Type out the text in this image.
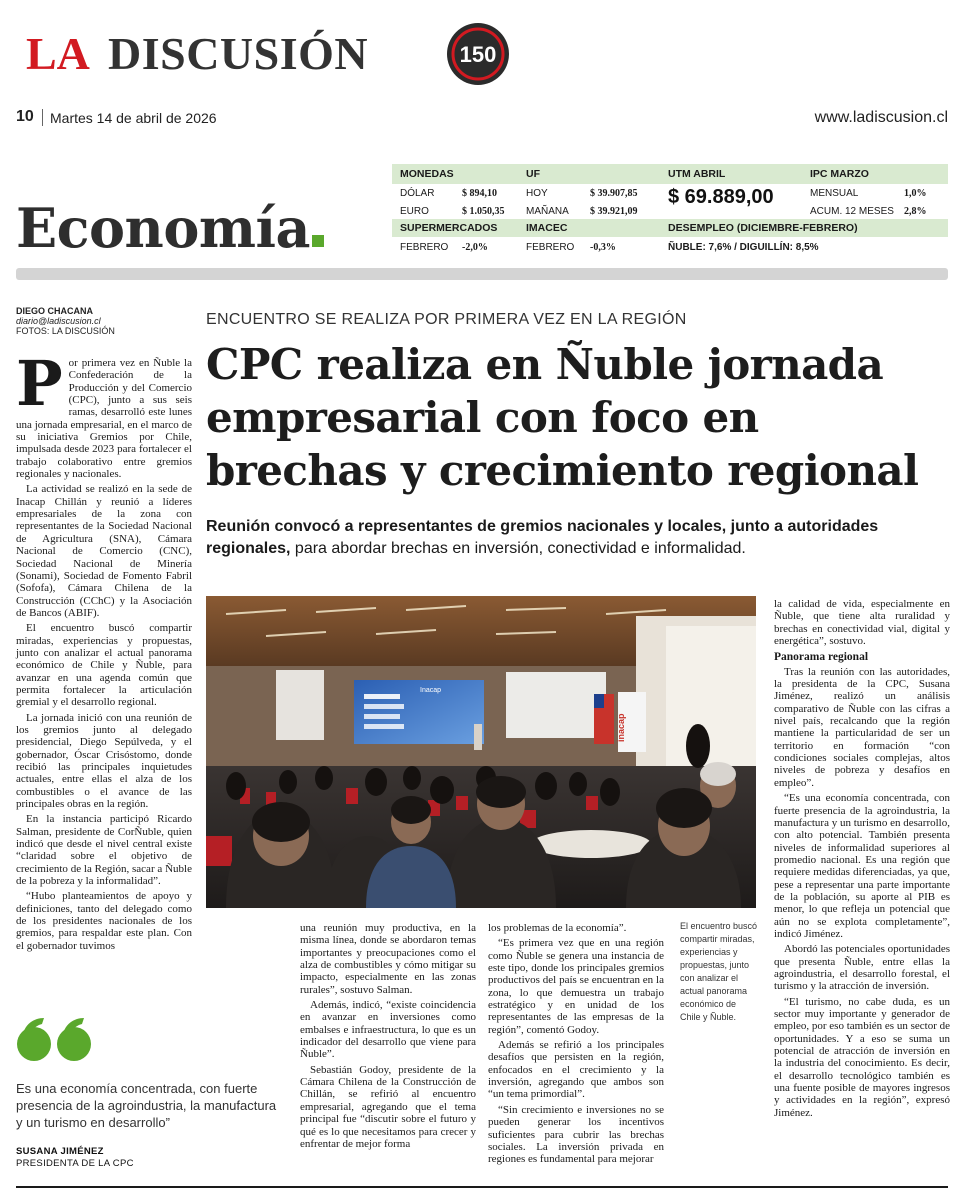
LA DISCUSIÓN	150
10 Martes 14 de abril de 2026	www.ladiscusion.cl
Economía
MONEDAS
DÓLAR	$ 894,10
EURO	$ 1.050,35
UF
HOY	$ 39.907,85
MAÑANA $ 39.921,09
UTM ABRIL
$ 69.889,00
IPC MARZO
MENSUAL	1,0%
ACUM. 12 MESES 2,8%
SUPERMERCADOS
FEBRERO -2,0%
IMACEC
FEBRERO -0,3%
DESEMPLEO (DICIEMBRE-FEBRERO)
ÑUBLE: 7,6% / DIGUILLÍN: 8,5%
DIEGO CHACANA
diario@ladiscusion.cl
FOTOS: LA DISCUSIÓN
ENCUENTRO SE REALIZA POR PRIMERA VEZ EN LA REGIÓN
CPC realiza en Ñuble jornada
empresarial con foco en
brechas y crecimiento regional
Reunión convocó a representantes de gremios nacionales y locales, junto a autoridades regionales, para abordar brechas en inversión, conectividad e informalidad.

Por primera vez en Ñuble la Confederación de la Producción y del Comercio (CPC), junto a sus seis ramas, desarrolló este lunes una jornada empresarial, en el marco de su iniciativa Gremios por Chile, impulsada desde 2023 para fortalecer el trabajo colaborativo entre gremios regionales y nacionales.

La actividad se realizó en la sede de Inacap Chillán y reunió a líderes empresariales de la zona con representantes de la Sociedad Nacional de Agricultura (SNA), Cámara Nacional de Comercio (CNC), Sociedad Nacional de Minería (Sonami), Sociedad de Fomento Fabril (Sofofa), Cámara Chilena de la Construcción (CChC) y la Asociación de Bancos (ABIF).

El encuentro buscó compartir miradas, experiencias y propuestas, junto con analizar el actual panorama económico de Chile y Ñuble, para avanzar en una agenda común que permita fortalecer la articulación gremial y el desarrollo regional.

La jornada inició con una reunión de los gremios junto al delegado presidencial, Diego Sepúlveda, y el gobernador, Óscar Crisóstomo, donde recibió las principales inquietudes actuales, entre ellas el alza de los combustibles o el avance de las principales obras en la región.

En la instancia participó Ricardo Salman, presidente de CorÑuble, quien indicó que desde el nivel central existe “claridad sobre el objetivo de crecimiento de la Región, sacar a Ñuble de la pobreza y la informalidad”.

“Hubo planteamientos de apoyo y definiciones, tanto del delegado como de los presidentes nacionales de los gremios, para respaldar este plan. Con el gobernador tuvimos

Inacap
inacap

una reunión muy productiva, en la misma línea, donde se abordaron temas importantes y preocupaciones como el alza de combustibles y cómo mitigar su impacto, especialmente en las zonas rurales”, sostuvo Salman.

Además, indicó, “existe coincidencia en avanzar en inversiones como embalses e infraestructura, lo que es un indicador del desarrollo que viene para Ñuble”.

Sebastián Godoy, presidente de la Cámara Chilena de la Construcción de Chillán, se refirió al encuentro empresarial, agregando que el tema principal fue “discutir sobre el futuro y qué es lo que necesitamos para crecer y enfrentar de mejor forma

los problemas de la economía”.

“Es primera vez que en una región como Ñuble se genera una instancia de este tipo, donde los principales gremios productivos del país se encuentran en la zona, lo que demuestra un trabajo estratégico y en unidad de los representantes de las empresas de la región”, comentó Godoy.

Además se refirió a los principales desafíos que persisten en la región, enfocados en el crecimiento y la inversión, agregando que ambos son “un tema primordial”.

“Sin crecimiento e inversiones no se pueden generar los incentivos suficientes para cubrir las brechas sociales. La inversión privada en regiones es fundamental para mejorar

El encuentro buscó compartir miradas, experiencias y propuestas, junto con analizar el actual panorama económico de Chile y Ñuble.

la calidad de vida, especialmente en Ñuble, que tiene alta ruralidad y brechas en conectividad vial, digital y energética”, sostuvo.

Panorama regional

Tras la reunión con las autoridades, la presidenta de la CPC, Susana Jiménez, realizó un análisis comparativo de Ñuble con las cifras a nivel país, recalcando que la región mantiene la particularidad de ser un territorio en formación “con condiciones sociales complejas, altos niveles de pobreza y desafíos en empleo”.

“Es una economía concentrada, con fuerte presencia de la agroindustria, la manufactura y un turismo en desarrollo, con alto potencial. También presenta niveles de informalidad superiores al promedio nacional. Es una región que requiere medidas diferenciadas, ya que, pese a representar una parte importante de la población, su aporte al PIB es menor, lo que refleja un potencial que aún no se explota completamente”, indicó Jiménez.

Abordó las potenciales oportunidades que presenta Ñuble, entre ellas la agroindustria, el desarrollo forestal, el turismo y la atracción de inversión.

“El turismo, no cabe duda, es un sector muy importante y generador de empleo, por eso también es un sector de oportunidades. Y a eso se suma un potencial de atracción de inversión en la industria del conocimiento. Es decir, el desarrollo tecnológico también es una fuente posible de mayores ingresos y actividades en la región”, expresó Jiménez.

Es una economía concentrada, con fuerte presencia de la agroindustria, la manufactura y un turismo en desarrollo”
SUSANA JIMÉNEZ
PRESIDENTA DE LA CPC
